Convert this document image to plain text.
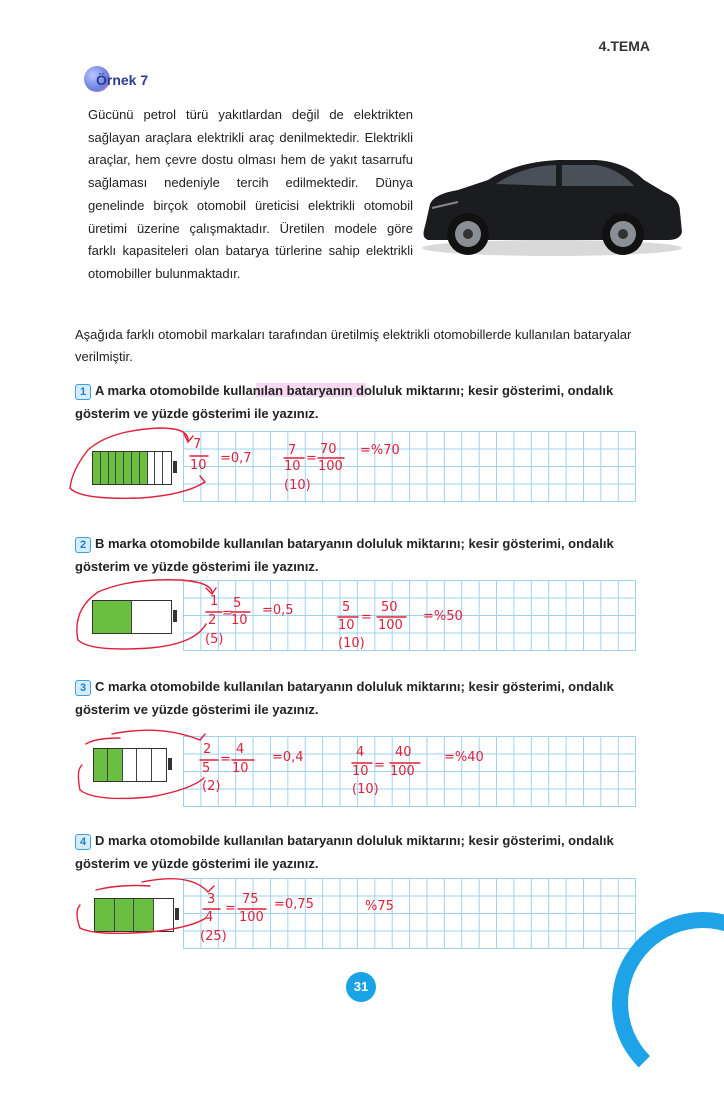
4.TEMA
Örnek 7
Gücünü petrol türü yakıtlardan değil de elektrikten sağlayan araçlara elektrikli araç denilmektedir. Elektrikli araçlar, hem çevre dostu olması hem de yakıt tasarrufu sağlaması nedeniyle tercih edilmektedir. Dünya genelinde birçok otomobil üreticisi elektrikli otomobil üretimi üzerine çalışmaktadır. Üretilen modele göre farklı kapasiteleri olan batarya türlerine sahip elektrikli otomobiller bulunmaktadır.
Aşağıda farklı otomobil markaları tarafından üretilmiş elektrikli otomobillerde kullanılan bataryalar verilmiştir.
1 A marka otomobilde kullanılan bataryanın doluluk miktarını; kesir gösterimi, ondalık gösterim ve yüzde gösterimi ile yazınız.
7
10 =0,7
7
10
=
70
100
(10)
=%70
2 B marka otomobilde kullanılan bataryanın doluluk miktarını; kesir gösterimi, ondalık gösterim ve yüzde gösterimi ile yazınız.
1
2
(5)
=
5
10
=0,5	5
10
=
50
100
(10)
=%50
3 C marka otomobilde kullanılan bataryanın doluluk miktarını; kesir gösterimi, ondalık gösterim ve yüzde gösterimi ile yazınız.
2
5
(2)
=
4
10
=0,4	4
10 =
40
100
(10)
=%40
4 D marka otomobilde kullanılan bataryanın doluluk miktarını; kesir gösterimi, ondalık gösterim ve yüzde gösterimi ile yazınız.
3
4
(25)
=
75
100
=0,75	%75
31
